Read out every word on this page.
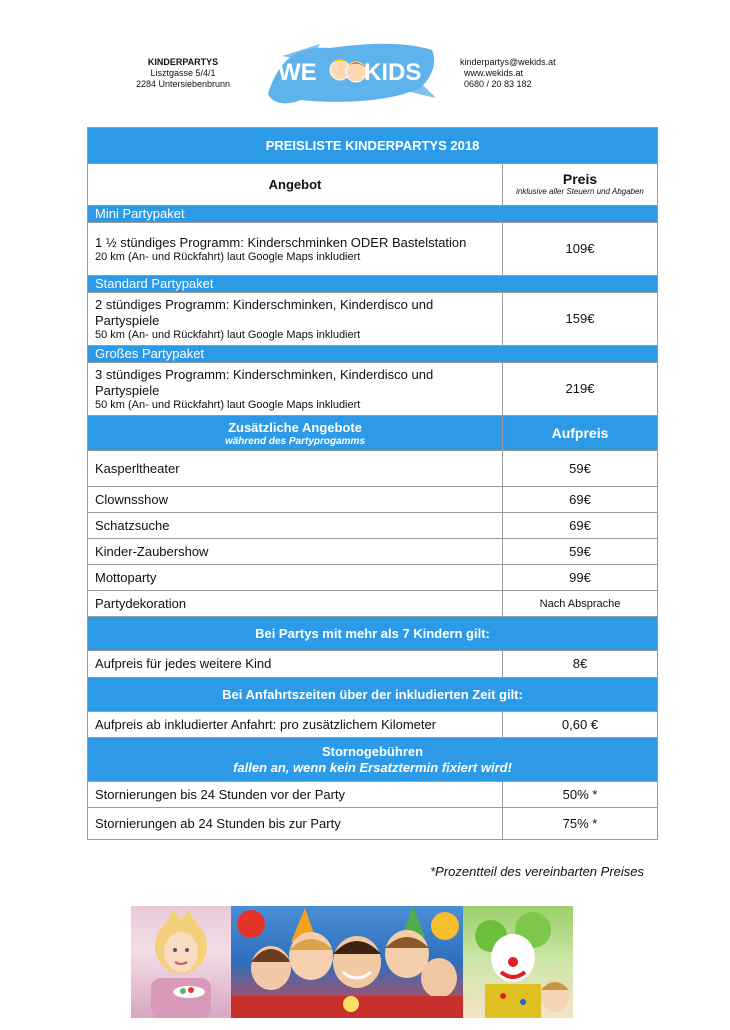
KINDERPARTYS
Lisztgasse 5/4/1
2284 Untersiebenbrunn	WE KIDS	kinderpartys@wekids.at
www.wekids.at
0680 / 20 83 182
PREISLISTE KINDERPARTYS 2018	
Angebot	Preis
inklusive aller Steuern und Abgaben

Mini Partypaket	

1 ½ stündiges Programm: Kinderschminken ODER Bastelstation
20 km (An- und Rückfahrt) laut Google Maps inkludiert	109€
Standard Partypaket	

2 stündiges Programm: Kinderschminken, Kinderdisco und Partyspiele
50 km (An- und Rückfahrt) laut Google Maps inkludiert	159€
Großes Partypaket	

3 stündiges Programm: Kinderschminken, Kinderdisco und Partyspiele
50 km (An- und Rückfahrt) laut Google Maps inkludiert	219€

Zusätzliche Angebote
während des Partyprogamms	Aufpreis
Kasperltheater	59€
Clownsshow	69€
Schatzsuche	69€
Kinder-Zaubershow	59€
Mottoparty	99€
Partydekoration	Nach Absprache
Bei Partys mit mehr als 7 Kindern gilt:	
Aufpreis für jedes weitere Kind	8€
Bei Anfahrtszeiten über der inkludierten Zeit gilt:	
Aufpreis ab inkludierter Anfahrt: pro zusätzlichem Kilometer	0,60 €

Stornogebühren
fallen an, wenn kein Ersatztermin fixiert wird!	

Stornierungen bis 24 Stunden vor der Party	50% *
Stornierungen ab 24 Stunden bis zur Party	75% *
*Prozentteil des vereinbarten Preises
